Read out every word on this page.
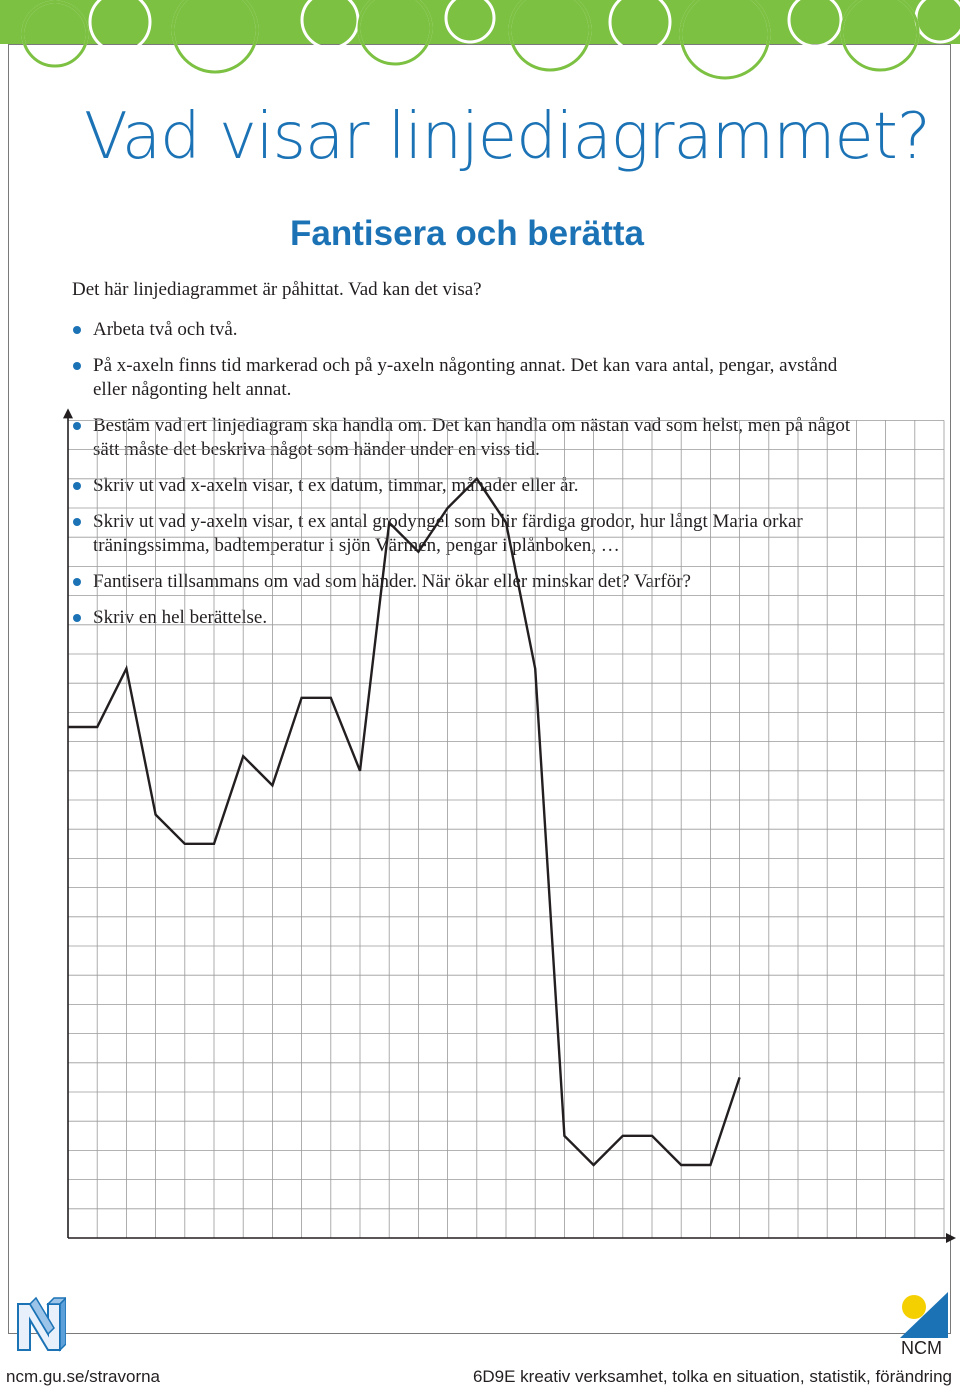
Vad visar linjediagrammet?
Fantisera och berätta

Det här linjediagrammet är påhittat. Vad kan det visa?

Arbeta två och två.
På x-axeln finns tid markerad och på y-axeln någonting annat. Det kan vara antal, pengar, avstånd eller någonting helt annat.
Bestäm vad ert linjediagram ska handla om. Det kan handla om nästan vad som helst, men på något sätt måste det beskriva något som händer under en viss tid.
Skriv ut vad x-axeln visar, t ex datum, timmar, månader eller år.
Skriv ut vad y-axeln visar, t ex antal grodyngel som blir färdiga grodor, hur långt Maria orkar träningssimma, badtemperatur i sjön Värmen, pengar i plånboken, …
Fantisera tillsammans om vad som händer. När ökar eller minskar det? Varför?
Skriv en hel berättelse.
NCM
ncm.gu.se/stravorna	6D9E kreativ verksamhet, tolka en situation, statistik, förändring
